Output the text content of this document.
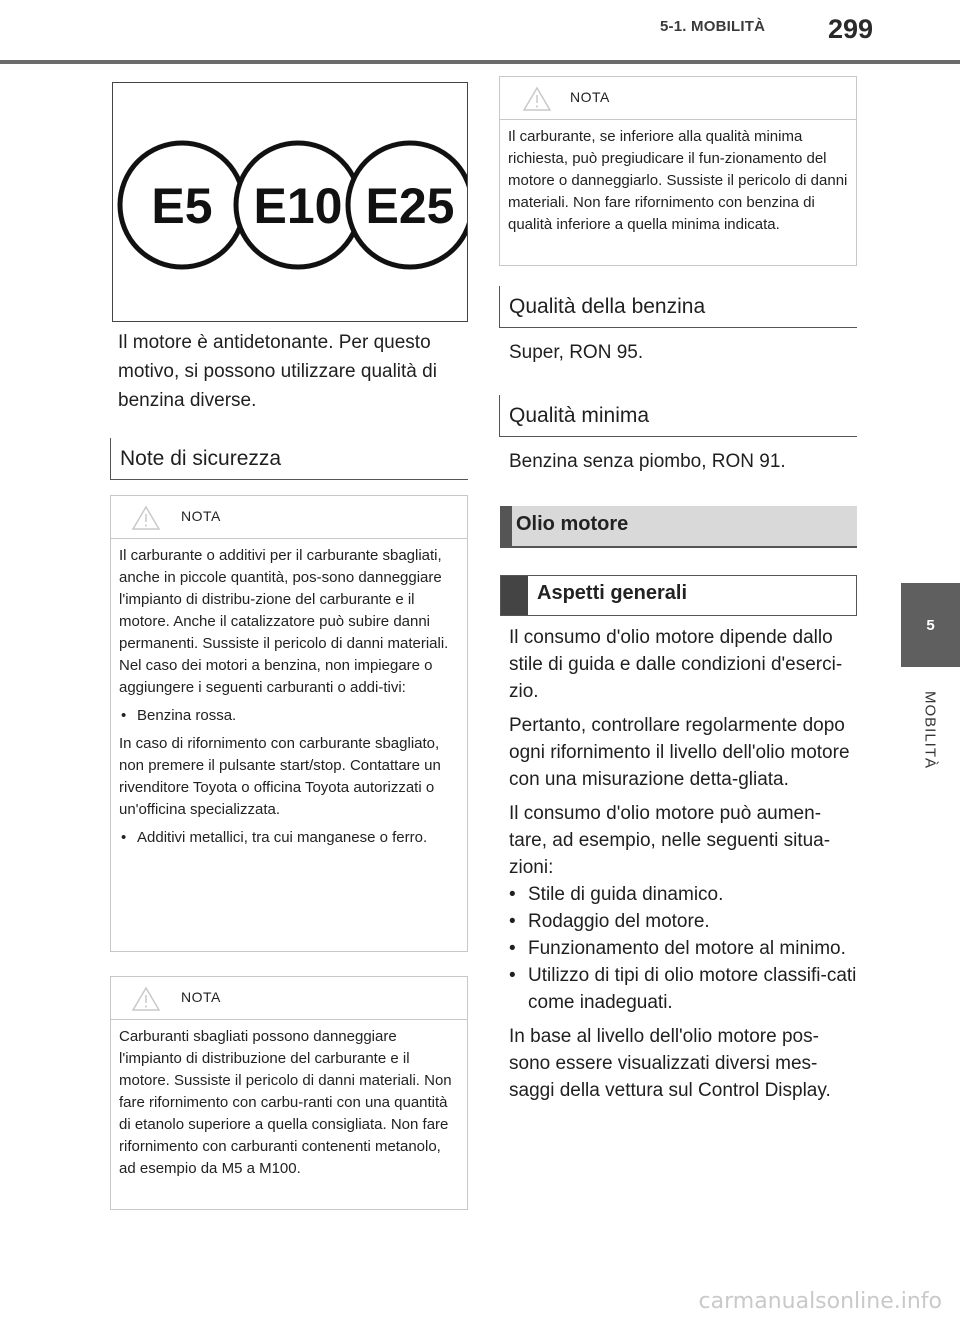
5-1. MOBILITÀ	299
5
MOBILITÀ
E5 E10 E25

Il motore è antidetonante. Per questo motivo, si possono utilizzare qualità di benzina diverse.

Note di sicurezza
NOTA

Il carburante o additivi per il carburante sbagliati, anche in piccole quantità, pos-sono danneggiare l'impianto di distribu-zione del carburante e il motore. Anche il catalizzatore può subire danni permanenti. Sussiste il pericolo di danni materiali. Nel caso dei motori a benzina, non impiegare o aggiungere i seguenti carburanti o addi-tivi:

• Benzina rossa.

In caso di rifornimento con carburante sbagliato, non premere il pulsante start/stop. Contattare un rivenditore Toyota o officina Toyota autorizzati o un'officina specializzata.

• Additivi metallici, tra cui manganese o ferro.
NOTA

Carburanti sbagliati possono danneggiare l'impianto di distribuzione del carburante e il motore. Sussiste il pericolo di danni materiali. Non fare rifornimento con carbu-ranti con una quantità di etanolo superiore a quella consigliata. Non fare rifornimento con carburanti contenenti metanolo, ad esempio da M5 a M100.

NOTA

Il carburante, se inferiore alla qualità minima richiesta, può pregiudicare il fun-zionamento del motore o danneggiarlo. Sussiste il pericolo di danni materiali. Non fare rifornimento con benzina di qualità inferiore a quella minima indicata.

Qualità della benzina

Super, RON 95.

Qualità minima

Benzina senza piombo, RON 91.

Olio motore
Aspetti generali

Il consumo d'olio motore dipende dallo stile di guida e dalle condizioni d'eserci-zio.

Pertanto, controllare regolarmente dopo ogni rifornimento il livello dell'olio motore con una misurazione detta-gliata.

Il consumo d'olio motore può aumen-tare, ad esempio, nelle seguenti situa-zioni:

• Stile di guida dinamico.
• Rodaggio del motore.
• Funzionamento del motore al minimo.
• Utilizzo di tipi di olio motore classifi-cati come inadeguati.

In base al livello dell'olio motore pos-sono essere visualizzati diversi mes-saggi della vettura sul Control Display.

carmanualsonline.info
